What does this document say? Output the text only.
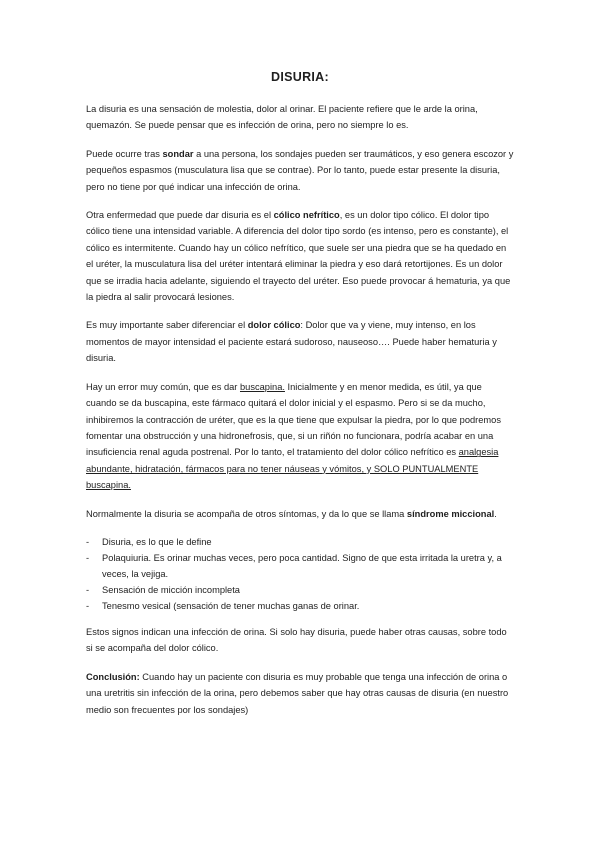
DISURIA:

La disuria es una sensación de molestia, dolor al orinar. El paciente refiere que le arde la orina, quemazón. Se puede pensar que es infección de orina, pero no siempre lo es.

Puede ocurre tras sondar a una persona, los sondajes pueden ser traumáticos, y eso genera escozor y pequeños espasmos (musculatura lisa que se contrae). Por lo tanto, puede estar presente la disuria, pero no tiene por qué indicar una infección de orina.

Otra enfermedad que puede dar disuria es el cólico nefrítico, es un dolor tipo cólico. El dolor tipo cólico tiene una intensidad variable. A diferencia del dolor tipo sordo (es intenso, pero es constante), el cólico es intermitente. Cuando hay un cólico nefrítico, que suele ser una piedra que se ha quedado en el uréter, la musculatura lisa del uréter intentará eliminar la piedra y eso dará retortijones. Es un dolor que se irradia hacia adelante, siguiendo el trayecto del uréter. Eso puede provocar á hematuria, ya que la piedra al salir provocará lesiones.

Es muy importante saber diferenciar el dolor cólico: Dolor que va y viene, muy intenso, en los momentos de mayor intensidad el paciente estará sudoroso, nauseoso…. Puede haber hematuria y disuria.

Hay un error muy común, que es dar buscapina. Inicialmente y en menor medida, es útil, ya que cuando se da buscapina, este fármaco quitará el dolor inicial y el espasmo. Pero si se da mucho, inhibiremos la contracción de uréter, que es la que tiene que expulsar la piedra, por lo que podremos fomentar una obstrucción y una hidronefrosis, que, si un riñón no funcionara, podría acabar en una insuficiencia renal aguda postrenal. Por lo tanto, el tratamiento del dolor cólico nefrítico es analgesia abundante, hidratación, fármacos para no tener náuseas y vómitos, y SOLO PUNTUALMENTE buscapina.

Normalmente la disuria se acompaña de otros síntomas, y da lo que se llama síndrome miccional.

- Disuria, es lo que le define
- Polaquiuria. Es orinar muchas veces, pero poca cantidad. Signo de que esta irritada la uretra y, a veces, la vejiga.
- Sensación de micción incompleta
- Tenesmo vesical (sensación de tener muchas ganas de orinar.

Estos signos indican una infección de orina. Si solo hay disuria, puede haber otras causas, sobre todo si se acompaña del dolor cólico.

Conclusión: Cuando hay un paciente con disuria es muy probable que tenga una infección de orina o una uretritis sin infección de la orina, pero debemos saber que hay otras causas de disuria (en nuestro medio son frecuentes por los sondajes)
